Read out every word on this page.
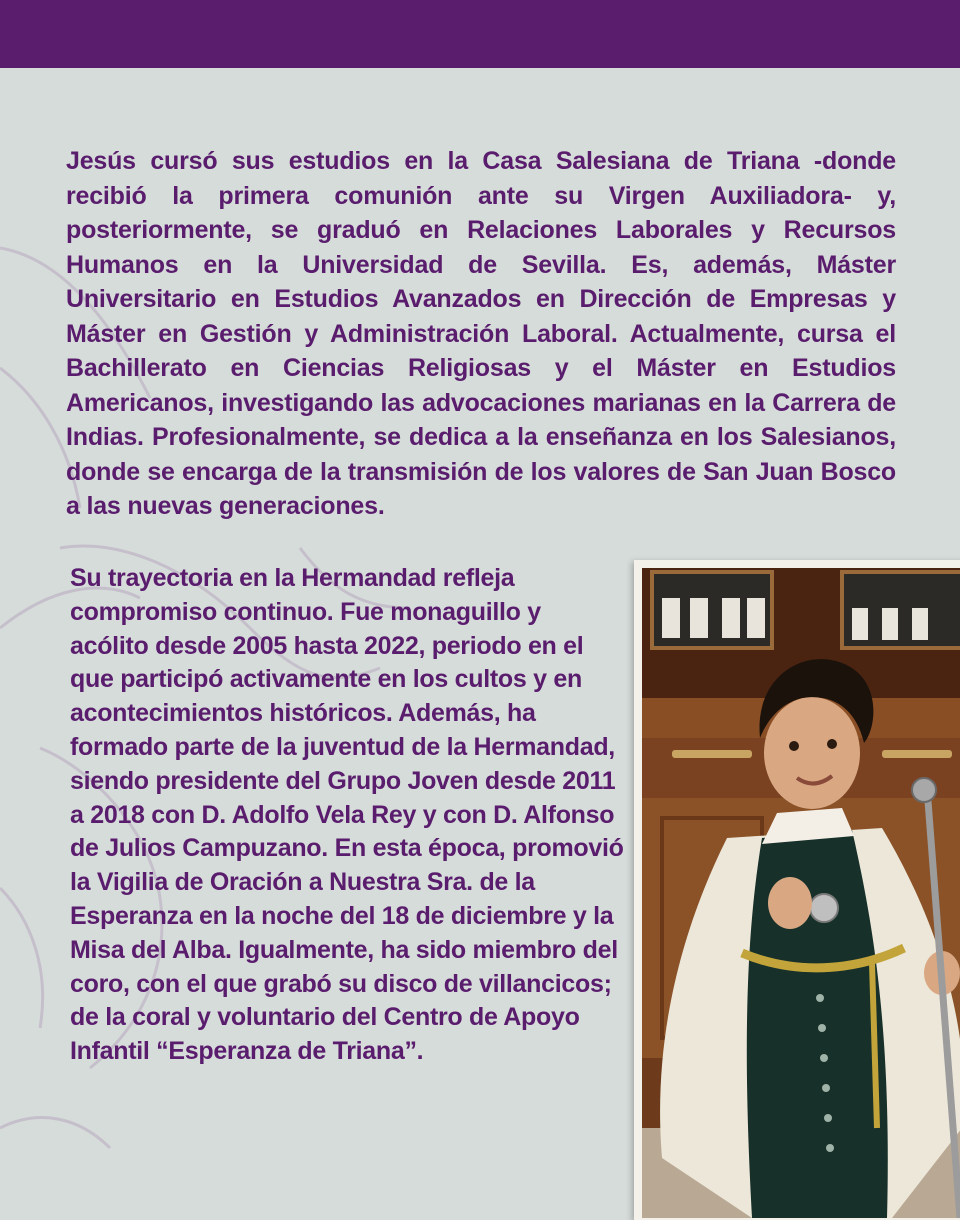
Jesús cursó sus estudios en la Casa Salesiana de Triana -donde recibió la primera comunión ante su Virgen Auxiliadora- y, posteriormente, se graduó en Relaciones Laborales y Recursos Humanos en la Universidad de Sevilla. Es, además, Máster Universitario en Estudios Avanzados en Dirección de Empresas y Máster en Gestión y Administración Laboral. Actualmente, cursa el Bachillerato en Ciencias Religiosas y el Máster en Estudios Americanos, investigando las advocaciones marianas en la Carrera de Indias. Profesionalmente, se dedica a la enseñanza en los Salesianos, donde se encarga de la transmisión de los valores de San Juan Bosco a las nuevas generaciones.

Su trayectoria en la Hermandad refleja compromiso continuo. Fue monaguillo y acólito desde 2005 hasta 2022, periodo en el que participó activamente en los cultos y en acontecimientos históricos. Además, ha formado parte de la juventud de la Hermandad, siendo presidente del Grupo Joven desde 2011 a 2018 con D. Adolfo Vela Rey y con D. Alfonso de Julios Campuzano. En esta época, promovió la Vigilia de Oración a Nuestra Sra. de la Esperanza en la noche del 18 de diciembre y la Misa del Alba. Igualmente, ha sido miembro del coro, con el que grabó su disco de villancicos; de la coral y voluntario del Centro de Apoyo Infantil “Esperanza de Triana”.
